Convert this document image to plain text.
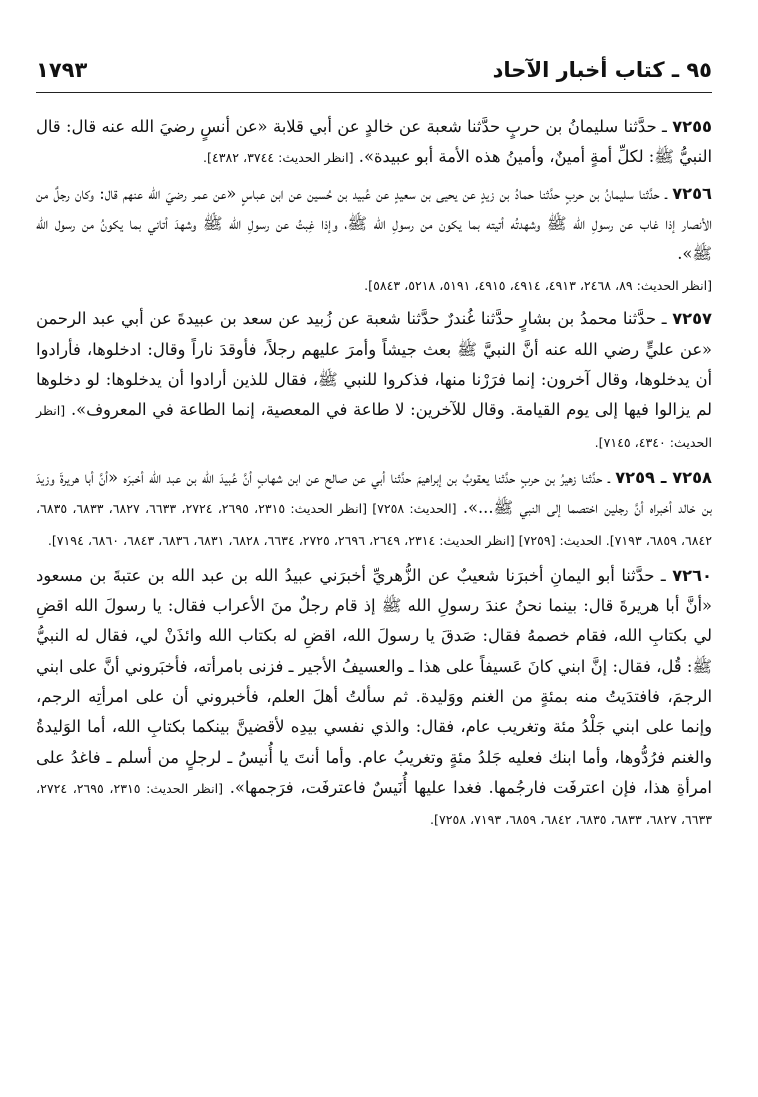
٩٥ ـ كتاب أخبار الآحاد
١٧٩٣

٧٢٥٥ ـ حدَّثنا سليمانُ بن حربٍ حدَّثنا شعبة عن خالدٍ عن أبي قلابة «عن أنسٍ رضيَ الله عنه قال: قال النبيُّ ﷺ: لكلِّ أمةٍ أمينٌ، وأمينُ هذه الأمة أبو عبيدة». [انظر الحديث: ٣٧٤٤، ٤٣٨٢].

٧٢٥٦ ـ حدَّثنا سليمانُ بن حربٍ حدَّثنا حمادُ بن زيدٍ عن يحيى بن سعيدٍ عن عُبيد بن حُسين عن ابن عباسٍ «عن عمر رضيَ الله عنهم قال: وكان رجلٌ من الأنصار إذا غاب عن رسولِ الله ﷺ وشهدتُه أتيته بما يكون من رسولِ الله ﷺ، وإذا غِبتُ عن رسولِ الله ﷺ وشهدَ أتاني بما يكونُ من رسول الله ﷺ».

[انظر الحديث: ٨٩، ٢٤٦٨، ٤٩١٣، ٤٩١٤، ٤٩١٥، ٥١٩١، ٥٢١٨، ٥٨٤٣].

٧٢٥٧ ـ حدَّثنا محمدُ بن بشارٍ حدَّثنا غُندرٌ حدَّثنا شعبة عن زُبيد عن سعد بن عبيدةَ عن أبي عبد الرحمن «عن عليٍّ رضي الله عنه أنَّ النبيَّ ﷺ بعث جيشاً وأمرَ عليهم رجلاً، فأوقدَ ناراً وقال: ادخلوها، فأرادوا أن يدخلوها، وقال آخرون: إنما فرَرْنا منها، فذكروا للنبي ﷺ، فقال للذين أرادوا أن يدخلوها: لو دخلوها لم يزالوا فيها إلى يوم القيامة. وقال للآخرين: لا طاعة في المعصية، إنما الطاعة في المعروف». [انظر الحديث: ٤٣٤٠، ٧١٤٥].

٧٢٥٨ ـ ٧٢٥٩ ـ حدَّثنا زهيرُ بن حربٍ حدَّثنا يعقوبُ بن إبراهيمَ حدَّثنا أبي عن صالح عن ابن شهابٍ أنَّ عُبيدَ الله بن عبد الله أخبرَه «أنَّ أبا هريرةَ وزيدَ بن خالد أخبراه أنَّ رجلين اختصما إلى النبي ﷺ...». [الحديث: ٧٢٥٨] [انظر الحديث: ٢٣١٥، ٢٦٩٥، ٢٧٢٤، ٦٦٣٣، ٦٨٢٧، ٦٨٣٣، ٦٨٣٥، ٦٨٤٢، ٦٨٥٩، ٧١٩٣]. الحديث: [٧٢٥٩] [انظر الحديث: ٢٣١٤، ٢٦٤٩، ٢٦٩٦، ٢٧٢٥، ٦٦٣٤، ٦٨٢٨، ٦٨٣١، ٦٨٣٦، ٦٨٤٣، ٦٨٦٠، ٧١٩٤].

٧٢٦٠ ـ حدَّثنا أبو اليمانِ أخبرَنا شعيبٌ عن الزُّهريِّ أخبرَني عبيدُ الله بن عبد الله بن عتبةَ بن مسعود «أنَّ أبا هريرةَ قال: بينما نحنُ عندَ رسولِ الله ﷺ إذ قام رجلٌ منَ الأعراب فقال: يا رسولَ الله اقضِ لي بكتابِ الله، فقام خصمهُ فقال: صَدقَ يا رسولَ الله، اقضِ له بكتاب الله وائذَنْ لي، فقال له النبيُّ ﷺ: قُل، فقال: إنَّ ابني كانَ عَسيفاً على هذا ـ والعسيفُ الأجير ـ فزنى بامرأته، فأخبَروني أنَّ على ابني الرجمَ، فافتدَيتُ منه بمئةٍ من الغنم ووَليدة. ثم سألتُ أهلَ العلم، فأخبروني أن على امرأتِه الرجم، وإنما على ابني جَلْدُ مئة وتغريب عام، فقال: والذي نفسي بيدِه لأقضينَّ بينكما بكتابِ الله، أما الوَليدةُ والغنم فرُدُّوها، وأما ابنك فعليه جَلدُ مئةٍ وتغريبُ عام. وأما أنتَ يا أُنيسُ ـ لرجلٍ من أسلم ـ فاغدُ على امرأةِ هذا، فإن اعترفَت فارجُمها. فغدا عليها أُنَيسٌ فاعترفَت، فرَجمها». [انظر الحديث: ٢٣١٥، ٢٦٩٥، ٢٧٢٤، ٦٦٣٣، ٦٨٢٧، ٦٨٣٣، ٦٨٣٥، ٦٨٤٢، ٦٨٥٩، ٧١٩٣، ٧٢٥٨].
